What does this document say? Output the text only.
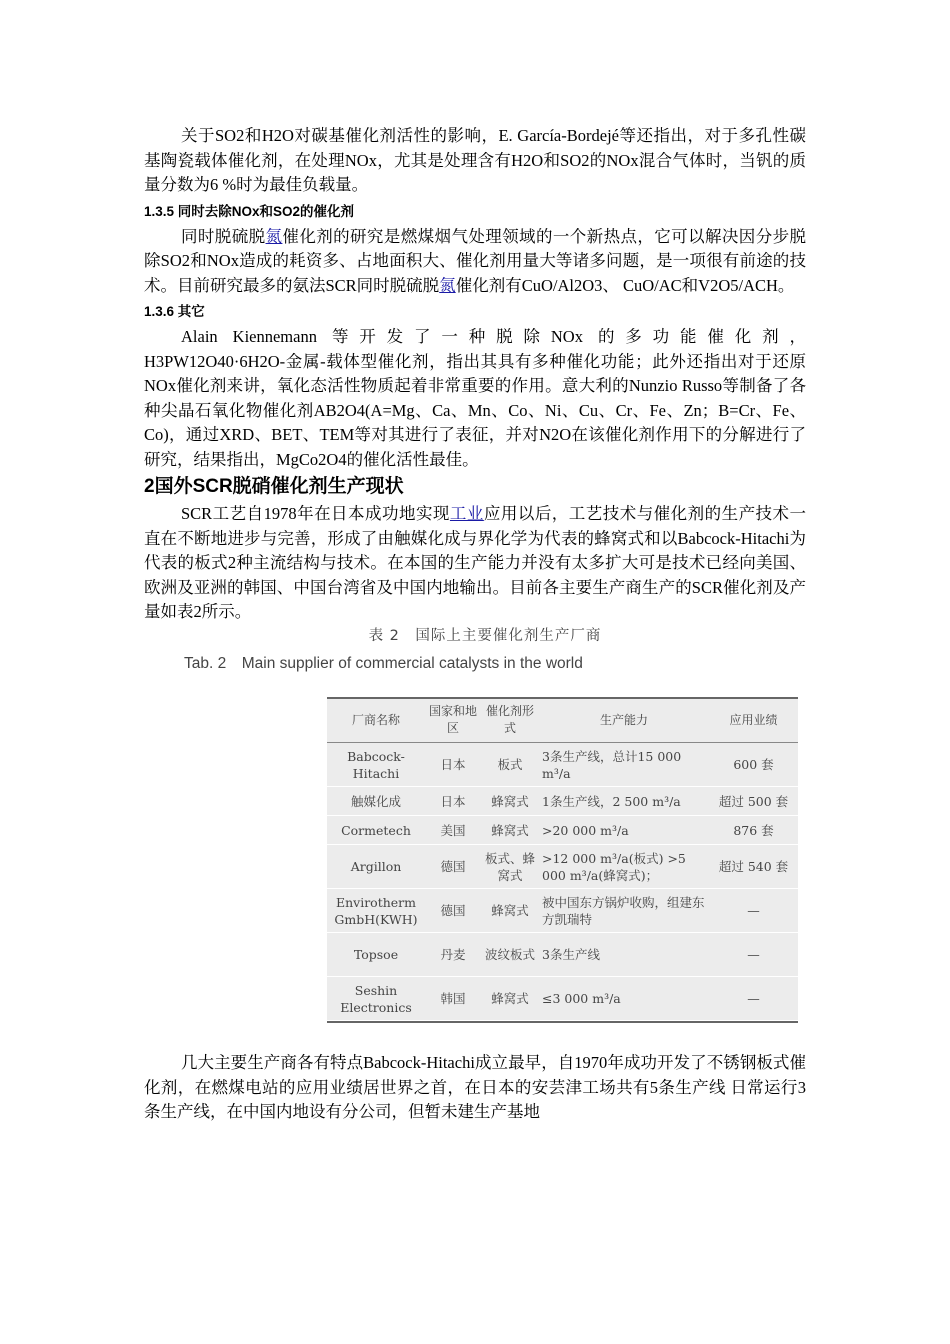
关于SO2和H2O对碳基催化剂活性的影响，E. García-Bordejé等还指出，对于多孔性碳基陶瓷载体催化剂，在处理NOx，尤其是处理含有H2O和SO2的NOx混合气体时，当钒的质量分数为6 %时为最佳负载量。

1.3.5 同时去除NOx和SO2的催化剂

同时脱硫脱氮催化剂的研究是燃煤烟气处理领域的一个新热点，它可以解决因分步脱除SO2和NOx造成的耗资多、占地面积大、催化剂用量大等诸多问题，是一项很有前途的技术。目前研究最多的氨法SCR同时脱硫脱氮催化剂有CuO/Al2O3、 CuO/AC和V2O5/ACH。

1.3.6 其它

Alain Kiennemann 等开发了一种脱除NOx 的多功能催化剂，

H3PW12O40·6H2O-金属-载体型催化剂，指出其具有多种催化功能；此外还指出对于还原NOx催化剂来讲，氧化态活性物质起着非常重要的作用。意大利的Nunzio Russo等制备了各种尖晶石氧化物催化剂AB2O4(A=Mg、Ca、Mn、Co、Ni、Cu、Cr、Fe、Zn；B=Cr、Fe、Co)，通过XRD、BET、TEM等对其进行了表征，并对N2O在该催化剂作用下的分解进行了研究，结果指出，MgCo2O4的催化活性最佳。

2国外SCR脱硝催化剂生产现状

SCR工艺自1978年在日本成功地实现工业应用以后，工艺技术与催化剂的生产技术一直在不断地进步与完善，形成了由触媒化成与界化学为代表的蜂窝式和以Babcock-Hitachi为代表的板式2种主流结构与技术。在本国的生产能力并没有太多扩大可是技术已经向美国、欧洲及亚洲的韩国、中国台湾省及中国内地输出。目前各主要生产商生产的SCR催化剂及产量如表2所示。

表 2　国际上主要催化剂生产厂商

Tab. 2　Main supplier of commercial catalysts in the world

厂商名称	国家和地区	催化剂形式	生产能力	应用业绩
Babcock-Hitachi	日本	板式	3条生产线，总计15 000 m³/a	600 套
触媒化成	日本	蜂窝式	1条生产线，2 500 m³/a	超过 500 套
Cormetech	美国	蜂窝式	>20 000 m³/a	876 套
Argillon	德国	板式、蜂窝式	>12 000 m³/a(板式) >5 000 m³/a(蜂窝式)；	超过 540 套
Envirotherm GmbH(KWH)	德国	蜂窝式	被中国东方锅炉收购，组建东方凯瑞特	—
Topsoe	丹麦	波纹板式	3条生产线	—
Seshin Electronics	韩国	蜂窝式	≤3 000 m³/a	—

几大主要生产商各有特点Babcock-Hitachi成立最早，自1970年成功开发了不锈钢板式催化剂，在燃煤电站的应用业绩居世界之首，在日本的安芸津工场共有5条生产线 日常运行3条生产线，在中国内地设有分公司，但暂未建生产基地
